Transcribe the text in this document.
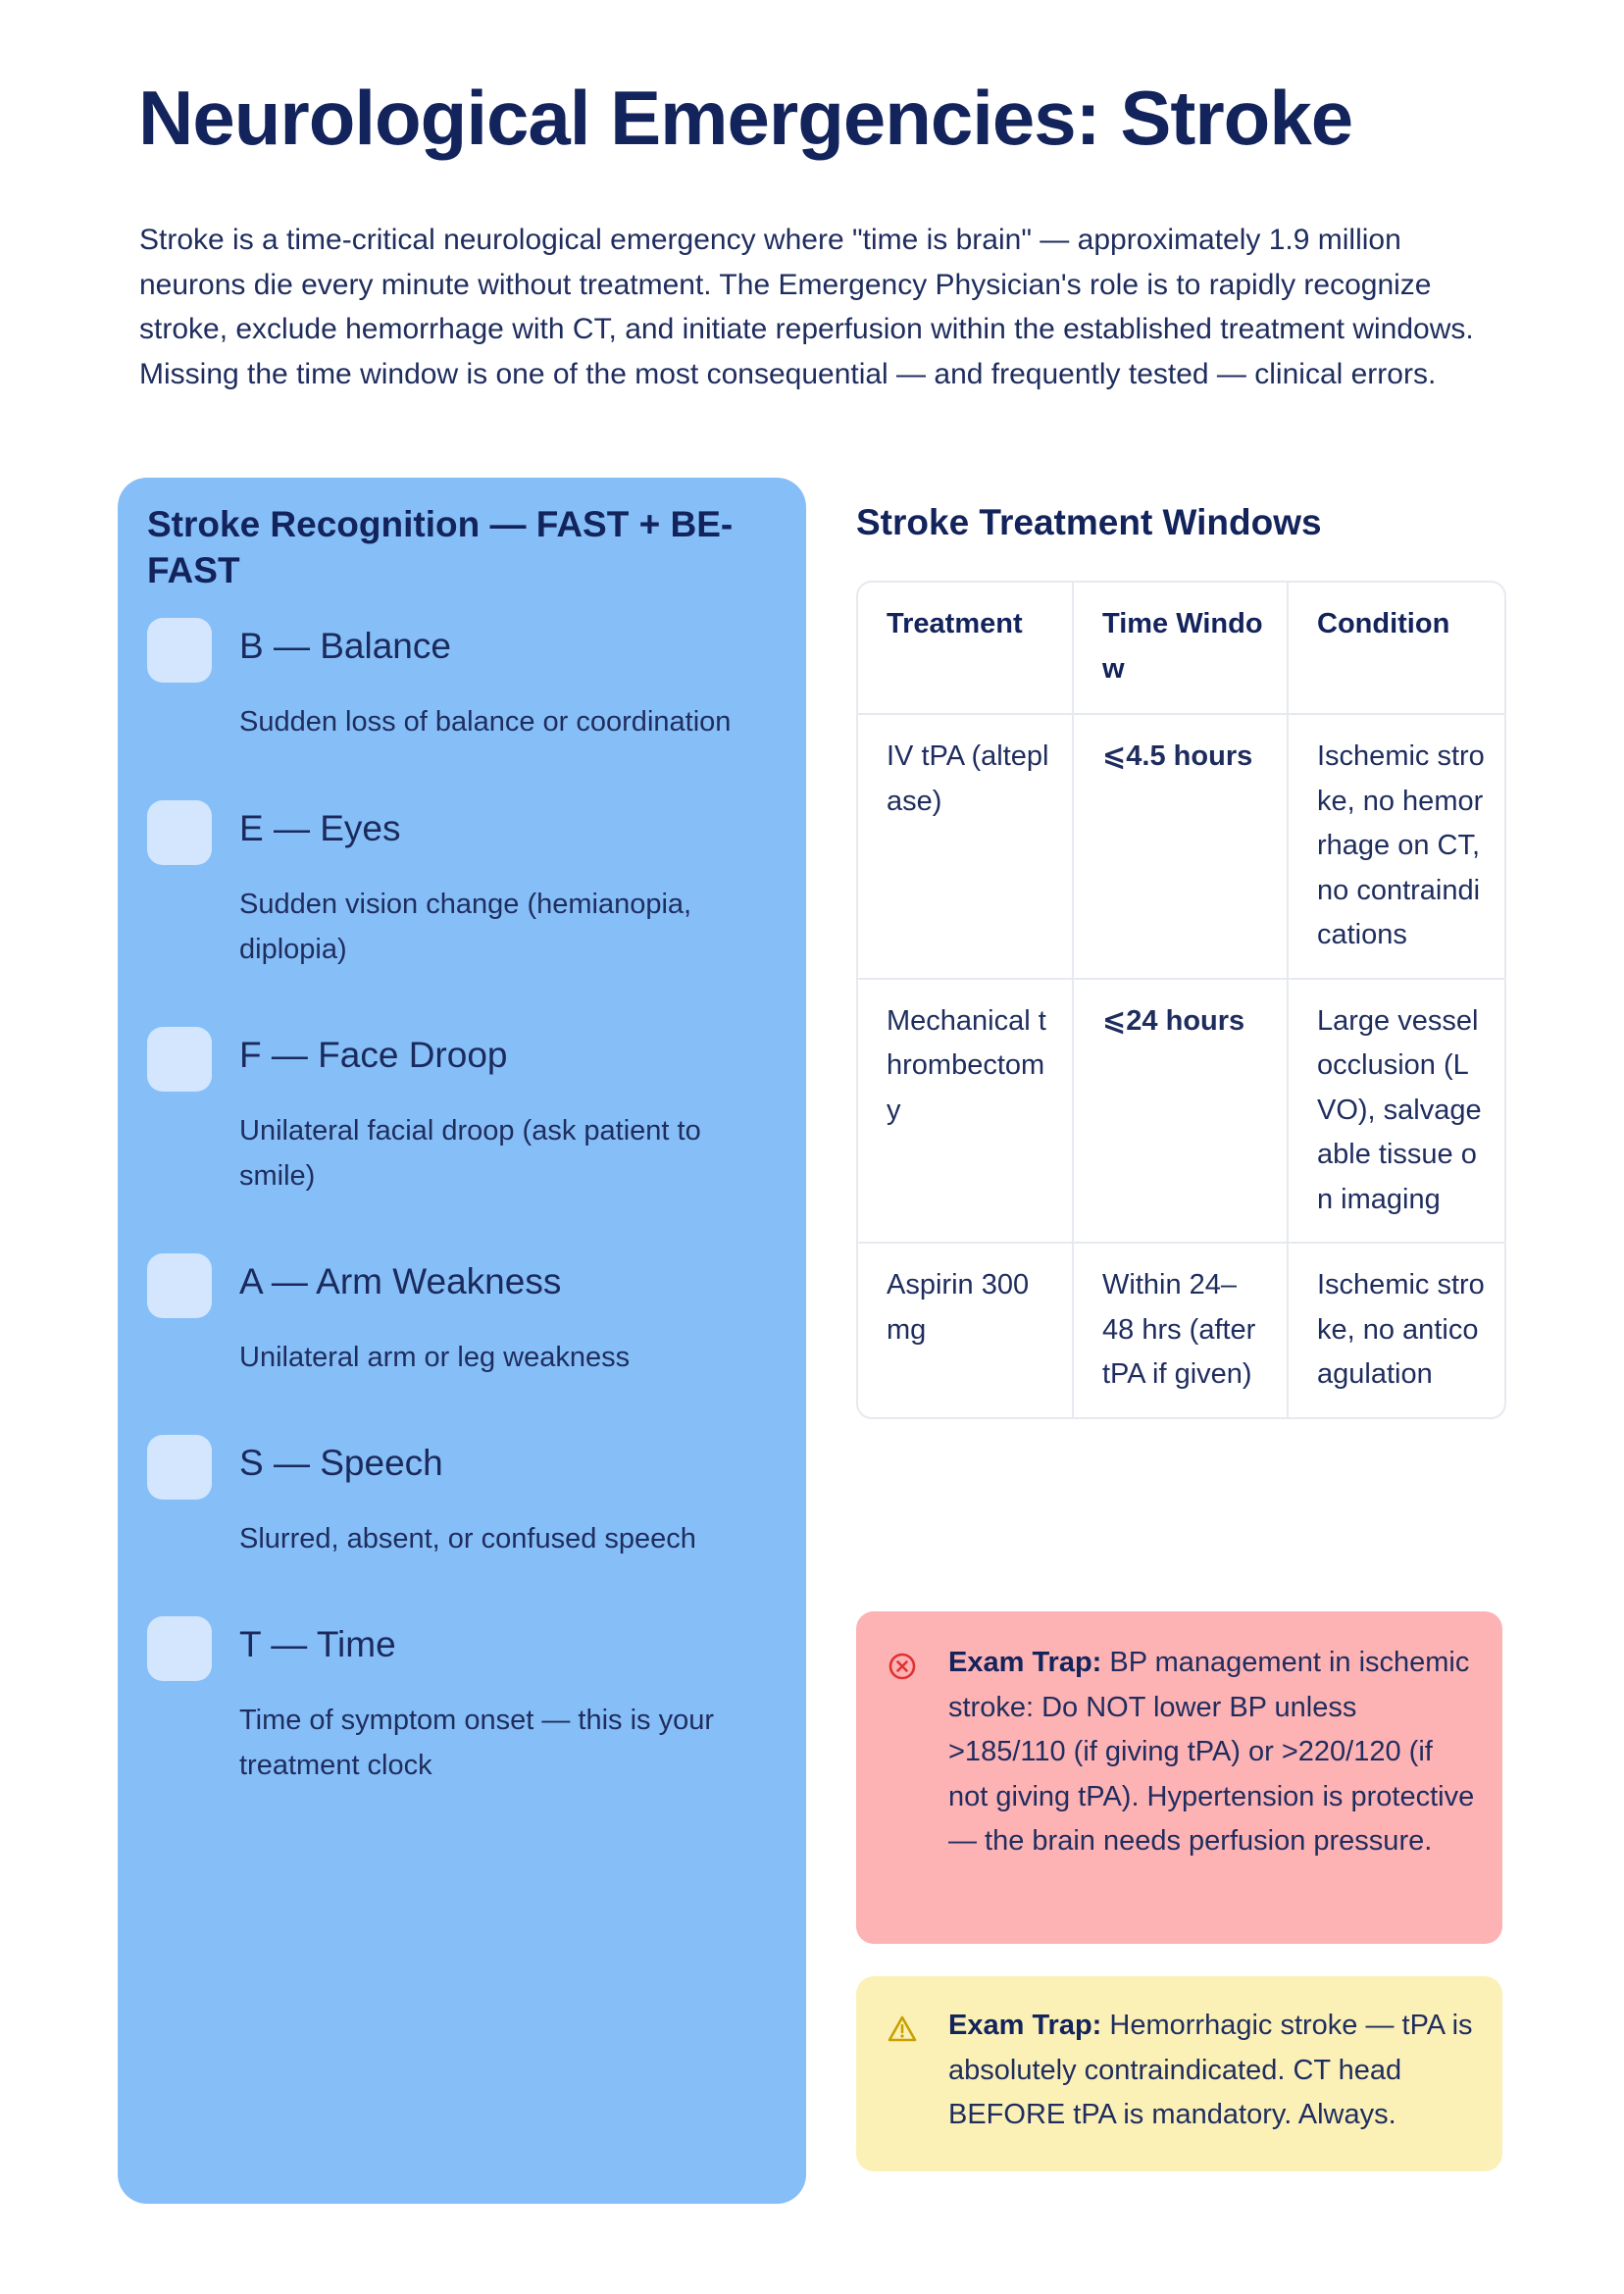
Neurological Emergencies: Stroke

Stroke is a time-critical neurological emergency where "time is brain" — approximately 1.9 million neurons die every minute without treatment. The Emergency Physician's role is to rapidly recognize stroke, exclude hemorrhage with CT, and initiate reperfusion within the established treatment windows. Missing the time window is one of the most consequential — and frequently tested — clinical errors.

Stroke Recognition — FAST + BE-FAST
B — Balance
Sudden loss of balance or coordination
E — Eyes
Sudden vision change (hemianopia, diplopia)
F — Face Droop
Unilateral facial droop (ask patient to smile)
A — Arm Weakness
Unilateral arm or leg weakness
S — Speech
Slurred, absent, or confused speech
T — Time
Time of symptom onset — this is your treatment clock
Stroke Treatment Windows
Treatment	Time Window	Condition
IV tPA (alteplase)	⩽4.5 hours	Ischemic stroke, no hemorrhage on CT, no contraindications
Mechanical thrombectomy	⩽24 hours	Large vessel occlusion (LVO), salvageable tissue on imaging
Aspirin 300 mg	Within 24–48 hrs (after tPA if given)	Ischemic stroke, no anticoagulation
Exam Trap: BP management in ischemic stroke: Do NOT lower BP unless >185/110 (if giving tPA) or >220/120 (if not giving tPA). Hypertension is protective — the brain needs perfusion pressure.
Exam Trap: Hemorrhagic stroke — tPA is absolutely contraindicated. CT head BEFORE tPA is mandatory. Always.
